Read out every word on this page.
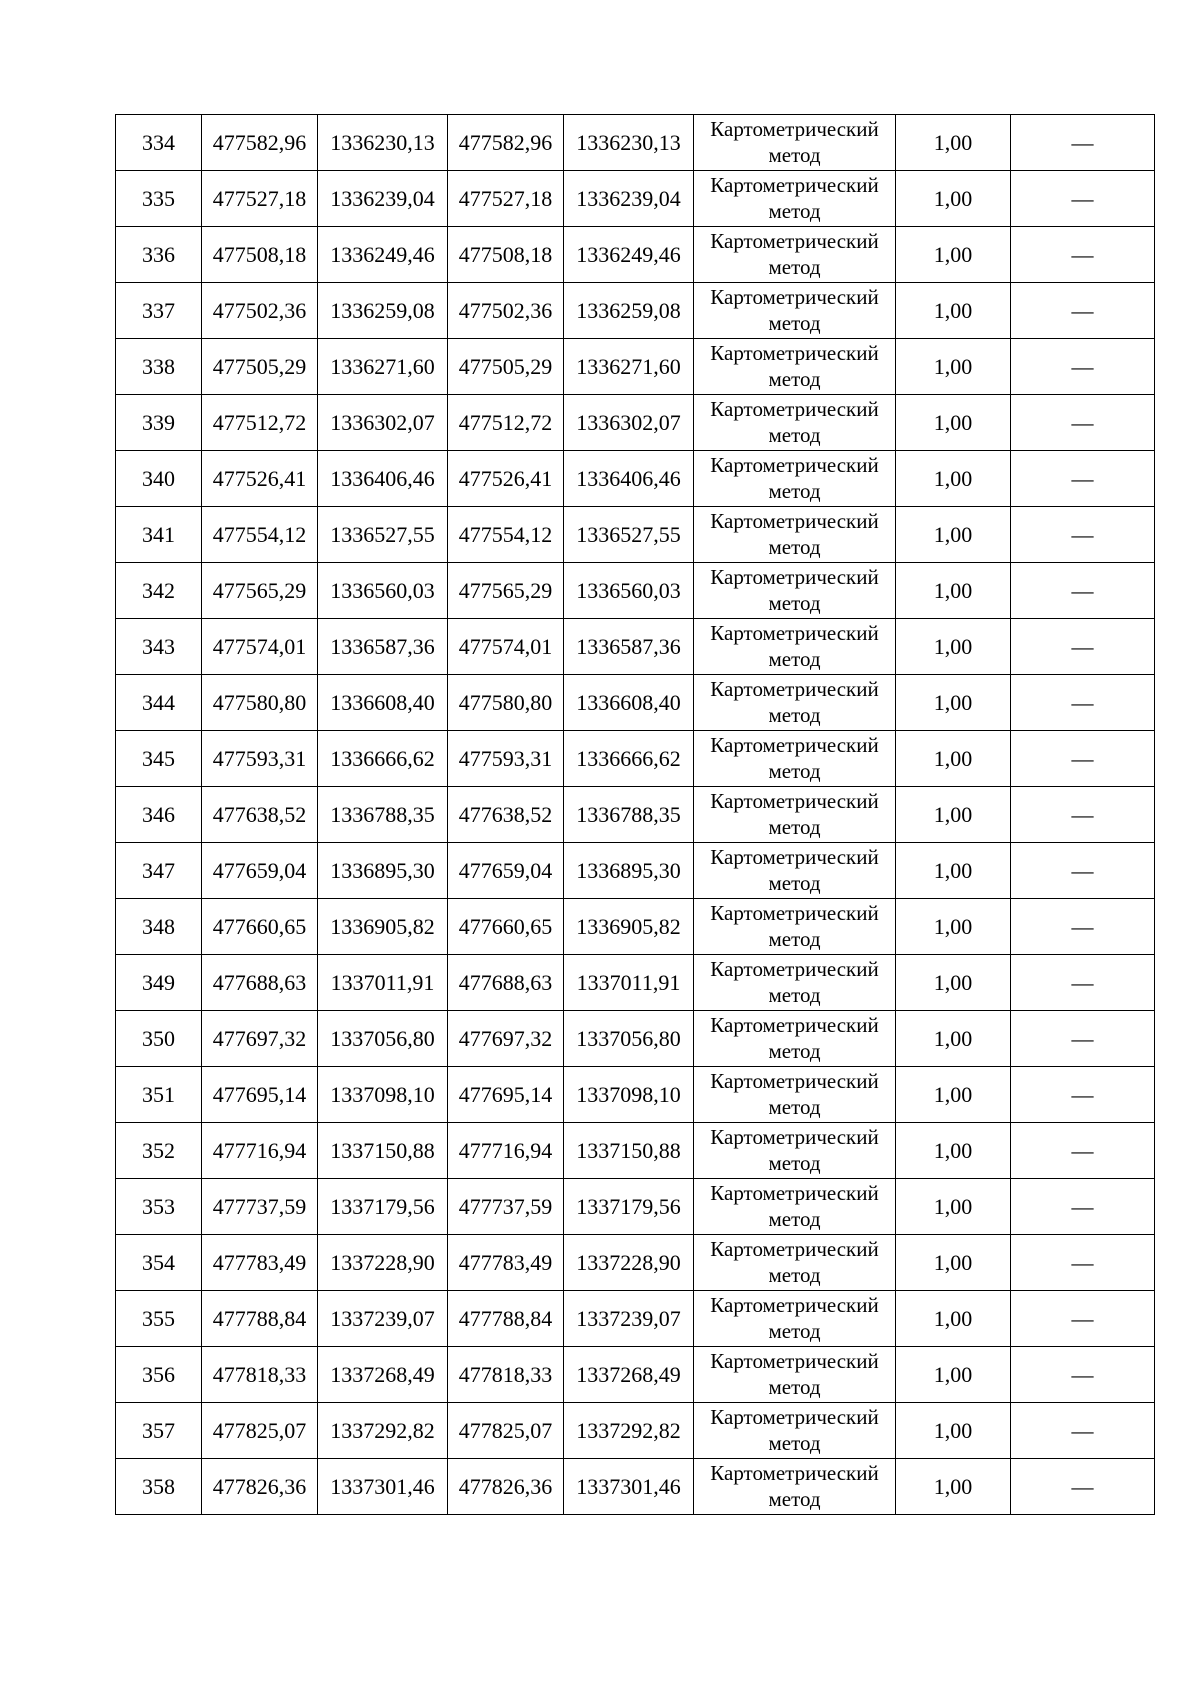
334	477582,96	1336230,13	477582,96	1336230,13	Картометрический
метод	1,00	—
335	477527,18	1336239,04	477527,18	1336239,04	Картометрический
метод	1,00	—
336	477508,18	1336249,46	477508,18	1336249,46	Картометрический
метод	1,00	—
337	477502,36	1336259,08	477502,36	1336259,08	Картометрический
метод	1,00	—
338	477505,29	1336271,60	477505,29	1336271,60	Картометрический
метод	1,00	—
339	477512,72	1336302,07	477512,72	1336302,07	Картометрический
метод	1,00	—
340	477526,41	1336406,46	477526,41	1336406,46	Картометрический
метод	1,00	—
341	477554,12	1336527,55	477554,12	1336527,55	Картометрический
метод	1,00	—
342	477565,29	1336560,03	477565,29	1336560,03	Картометрический
метод	1,00	—
343	477574,01	1336587,36	477574,01	1336587,36	Картометрический
метод	1,00	—
344	477580,80	1336608,40	477580,80	1336608,40	Картометрический
метод	1,00	—
345	477593,31	1336666,62	477593,31	1336666,62	Картометрический
метод	1,00	—
346	477638,52	1336788,35	477638,52	1336788,35	Картометрический
метод	1,00	—
347	477659,04	1336895,30	477659,04	1336895,30	Картометрический
метод	1,00	—
348	477660,65	1336905,82	477660,65	1336905,82	Картометрический
метод	1,00	—
349	477688,63	1337011,91	477688,63	1337011,91	Картометрический
метод	1,00	—
350	477697,32	1337056,80	477697,32	1337056,80	Картометрический
метод	1,00	—
351	477695,14	1337098,10	477695,14	1337098,10	Картометрический
метод	1,00	—
352	477716,94	1337150,88	477716,94	1337150,88	Картометрический
метод	1,00	—
353	477737,59	1337179,56	477737,59	1337179,56	Картометрический
метод	1,00	—
354	477783,49	1337228,90	477783,49	1337228,90	Картометрический
метод	1,00	—
355	477788,84	1337239,07	477788,84	1337239,07	Картометрический
метод	1,00	—
356	477818,33	1337268,49	477818,33	1337268,49	Картометрический
метод	1,00	—
357	477825,07	1337292,82	477825,07	1337292,82	Картометрический
метод	1,00	—
358	477826,36	1337301,46	477826,36	1337301,46	Картометрический
метод	1,00	—
